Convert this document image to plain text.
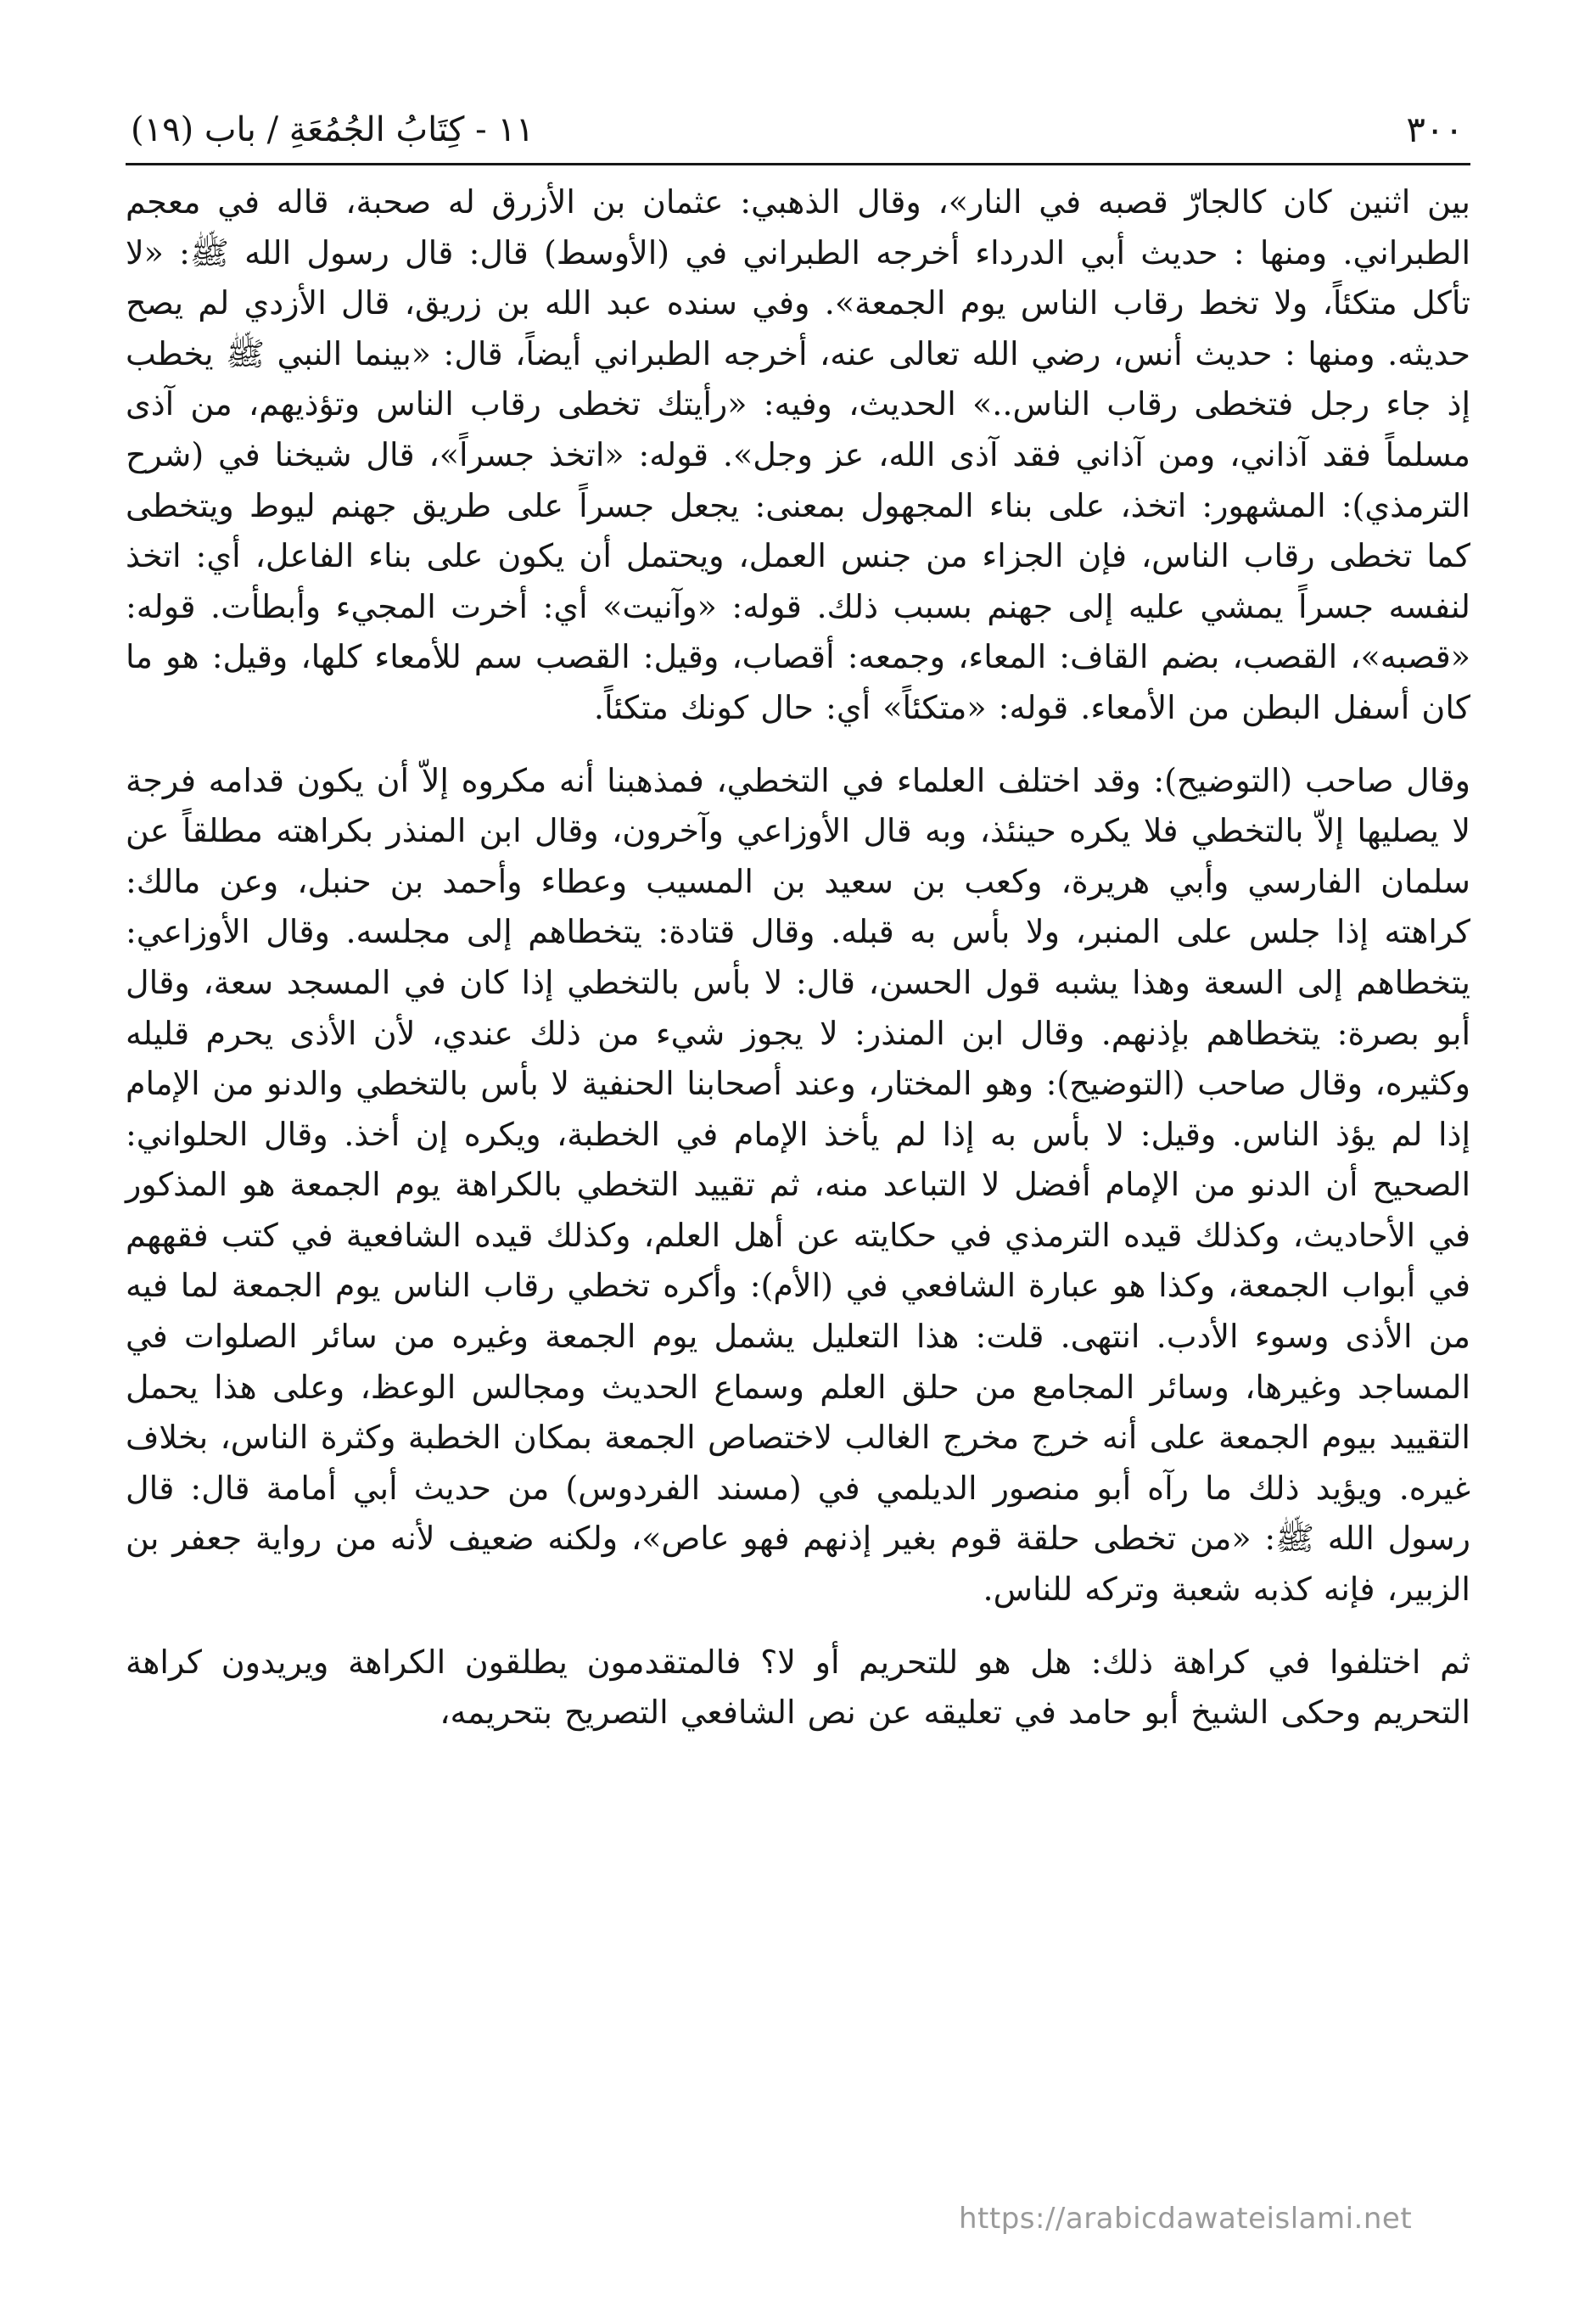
٣٠٠
١١ - كِتَابُ الجُمُعَةِ / باب (١٩)

بين اثنين كان كالجارّ قصبه في النار»، وقال الذهبي: عثمان بن الأزرق له صحبة، قاله في معجم الطبراني. ومنها : حديث أبي الدرداء أخرجه الطبراني في (الأوسط) قال: قال رسول الله ﷺ: «لا تأكل متكئاً، ولا تخط رقاب الناس يوم الجمعة». وفي سنده عبد الله بن زريق، قال الأزدي لم يصح حديثه. ومنها : حديث أنس، رضي الله تعالى عنه، أخرجه الطبراني أيضاً، قال: «بينما النبي ﷺ يخطب إذ جاء رجل فتخطى رقاب الناس..» الحديث، وفيه: «رأيتك تخطى رقاب الناس وتؤذيهم، من آذى مسلماً فقد آذاني، ومن آذاني فقد آذى الله، عز وجل». قوله: «اتخذ جسراً»، قال شيخنا في (شرح الترمذي): المشهور: اتخذ، على بناء المجهول بمعنى: يجعل جسراً على طريق جهنم ليوط ويتخطى كما تخطى رقاب الناس، فإن الجزاء من جنس العمل، ويحتمل أن يكون على بناء الفاعل، أي: اتخذ لنفسه جسراً يمشي عليه إلى جهنم بسبب ذلك. قوله: «وآنيت» أي: أخرت المجيء وأبطأت. قوله: «قصبه»، القصب، بضم القاف: المعاء، وجمعه: أقصاب، وقيل: القصب سم للأمعاء كلها، وقيل: هو ما كان أسفل البطن من الأمعاء. قوله: «متكئاً» أي: حال كونك متكئاً.

وقال صاحب (التوضيح): وقد اختلف العلماء في التخطي، فمذهبنا أنه مكروه إلاّ أن يكون قدامه فرجة لا يصليها إلاّ بالتخطي فلا يكره حينئذ، وبه قال الأوزاعي وآخرون، وقال ابن المنذر بكراهته مطلقاً عن سلمان الفارسي وأبي هريرة، وكعب بن سعيد بن المسيب وعطاء وأحمد بن حنبل، وعن مالك: كراهته إذا جلس على المنبر، ولا بأس به قبله. وقال قتادة: يتخطاهم إلى مجلسه. وقال الأوزاعي: يتخطاهم إلى السعة وهذا يشبه قول الحسن، قال: لا بأس بالتخطي إذا كان في المسجد سعة، وقال أبو بصرة: يتخطاهم بإذنهم. وقال ابن المنذر: لا يجوز شيء من ذلك عندي، لأن الأذى يحرم قليله وكثيره، وقال صاحب (التوضيح): وهو المختار، وعند أصحابنا الحنفية لا بأس بالتخطي والدنو من الإمام إذا لم يؤذ الناس. وقيل: لا بأس به إذا لم يأخذ الإمام في الخطبة، ويكره إن أخذ. وقال الحلواني: الصحيح أن الدنو من الإمام أفضل لا التباعد منه، ثم تقييد التخطي بالكراهة يوم الجمعة هو المذكور في الأحاديث، وكذلك قيده الترمذي في حكايته عن أهل العلم، وكذلك قيده الشافعية في كتب فقههم في أبواب الجمعة، وكذا هو عبارة الشافعي في (الأم): وأكره تخطي رقاب الناس يوم الجمعة لما فيه من الأذى وسوء الأدب. انتهى. قلت: هذا التعليل يشمل يوم الجمعة وغيره من سائر الصلوات في المساجد وغيرها، وسائر المجامع من حلق العلم وسماع الحديث ومجالس الوعظ، وعلى هذا يحمل التقييد بيوم الجمعة على أنه خرج مخرج الغالب لاختصاص الجمعة بمكان الخطبة وكثرة الناس، بخلاف غيره. ويؤيد ذلك ما رآه أبو منصور الديلمي في (مسند الفردوس) من حديث أبي أمامة قال: قال رسول الله ﷺ: «من تخطى حلقة قوم بغير إذنهم فهو عاص»، ولكنه ضعيف لأنه من رواية جعفر بن الزبير، فإنه كذبه شعبة وتركه للناس.

ثم اختلفوا في كراهة ذلك: هل هو للتحريم أو لا؟ فالمتقدمون يطلقون الكراهة ويريدون كراهة التحريم وحكى الشيخ أبو حامد في تعليقه عن نص الشافعي التصريح بتحريمه،

https://arabicdawateislami.net
